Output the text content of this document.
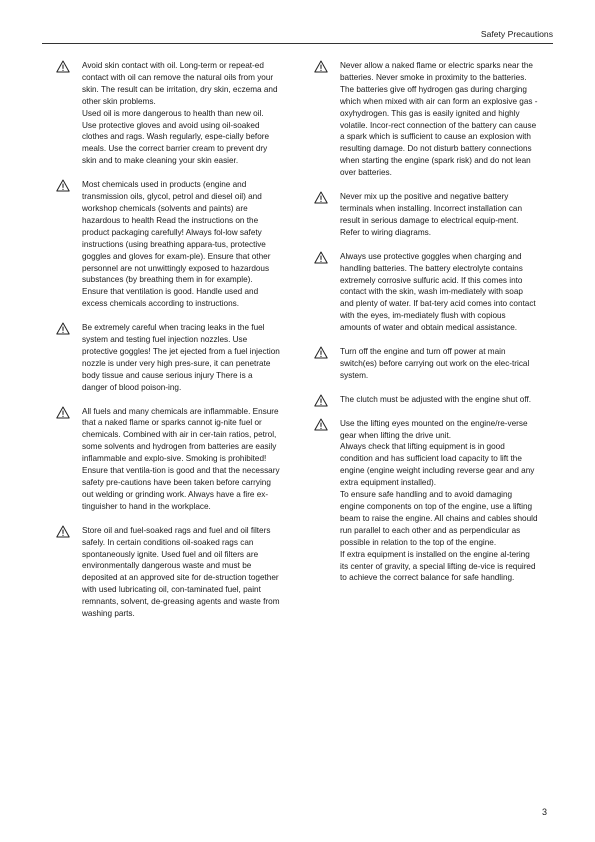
Safety Precautions

Avoid skin contact with oil. Long-term or repeat-ed contact with oil can remove the natural oils from your skin. The result can be irritation, dry skin, eczema and other skin problems.

Used oil is more dangerous to health than new oil. Use protective gloves and avoid using oil-soaked clothes and rags. Wash regularly, espe-cially before meals. Use the correct barrier cream to prevent dry skin and to make cleaning your skin easier.

Most chemicals used in products (engine and transmission oils, glycol, petrol and diesel oil) and workshop chemicals (solvents and paints) are hazardous to health Read the instructions on the product packaging carefully! Always fol-low safety instructions (using breathing appara-tus, protective goggles and gloves for exam-ple). Ensure that other personnel are not unwittingly exposed to hazardous substances (by breathing them in for example). Ensure that ventilation is good. Handle used and excess chemicals according to instructions.

Be extremely careful when tracing leaks in the fuel system and testing fuel injection nozzles. Use protective goggles! The jet ejected from a fuel injection nozzle is under very high pres-sure, it can penetrate body tissue and cause serious injury There is a danger of blood poison-ing.

All fuels and many chemicals are inflammable. Ensure that a naked flame or sparks cannot ig-nite fuel or chemicals. Combined with air in cer-tain ratios, petrol, some solvents and hydrogen from batteries are easily inflammable and explo-sive. Smoking is prohibited! Ensure that ventila-tion is good and that the necessary safety pre-cautions have been taken before carrying out welding or grinding work. Always have a fire ex-tinguisher to hand in the workplace.

Store oil and fuel-soaked rags and fuel and oil filters safely. In certain conditions oil-soaked rags can spontaneously ignite. Used fuel and oil filters are environmentally dangerous waste and must be deposited at an approved site for de-struction together with used lubricating oil, con-taminated fuel, paint remnants, solvent, de-greasing agents and waste from washing parts.

Never allow a naked flame or electric sparks near the batteries. Never smoke in proximity to the batteries. The batteries give off hydrogen gas during charging which when mixed with air can form an explosive gas - oxyhydrogen. This gas is easily ignited and highly volatile. Incor-rect connection of the battery can cause a spark which is sufficient to cause an explosion with resulting damage. Do not disturb battery connections when starting the engine (spark risk) and do not lean over batteries.

Never mix up the positive and negative battery terminals when installing. Incorrect installation can result in serious damage to electrical equip-ment. Refer to wiring diagrams.

Always use protective goggles when charging and handling batteries. The battery electrolyte contains extremely corrosive sulfuric acid. If this comes into contact with the skin, wash im-mediately with soap and plenty of water. If bat-tery acid comes into contact with the eyes, im-mediately flush with copious amounts of water and obtain medical assistance.

Turn off the engine and turn off power at main switch(es) before carrying out work on the elec-trical system.

The clutch must be adjusted with the engine shut off.

Use the lifting eyes mounted on the engine/re-verse gear when lifting the drive unit.

Always check that lifting equipment is in good condition and has sufficient load capacity to lift the engine (engine weight including reverse gear and any extra equipment installed).

To ensure safe handling and to avoid damaging engine components on top of the engine, use a lifting beam to raise the engine. All chains and cables should run parallel to each other and as perpendicular as possible in relation to the top of the engine.

If extra equipment is installed on the engine al-tering its center of gravity, a special lifting de-vice is required to achieve the correct balance for safe handling.

3
